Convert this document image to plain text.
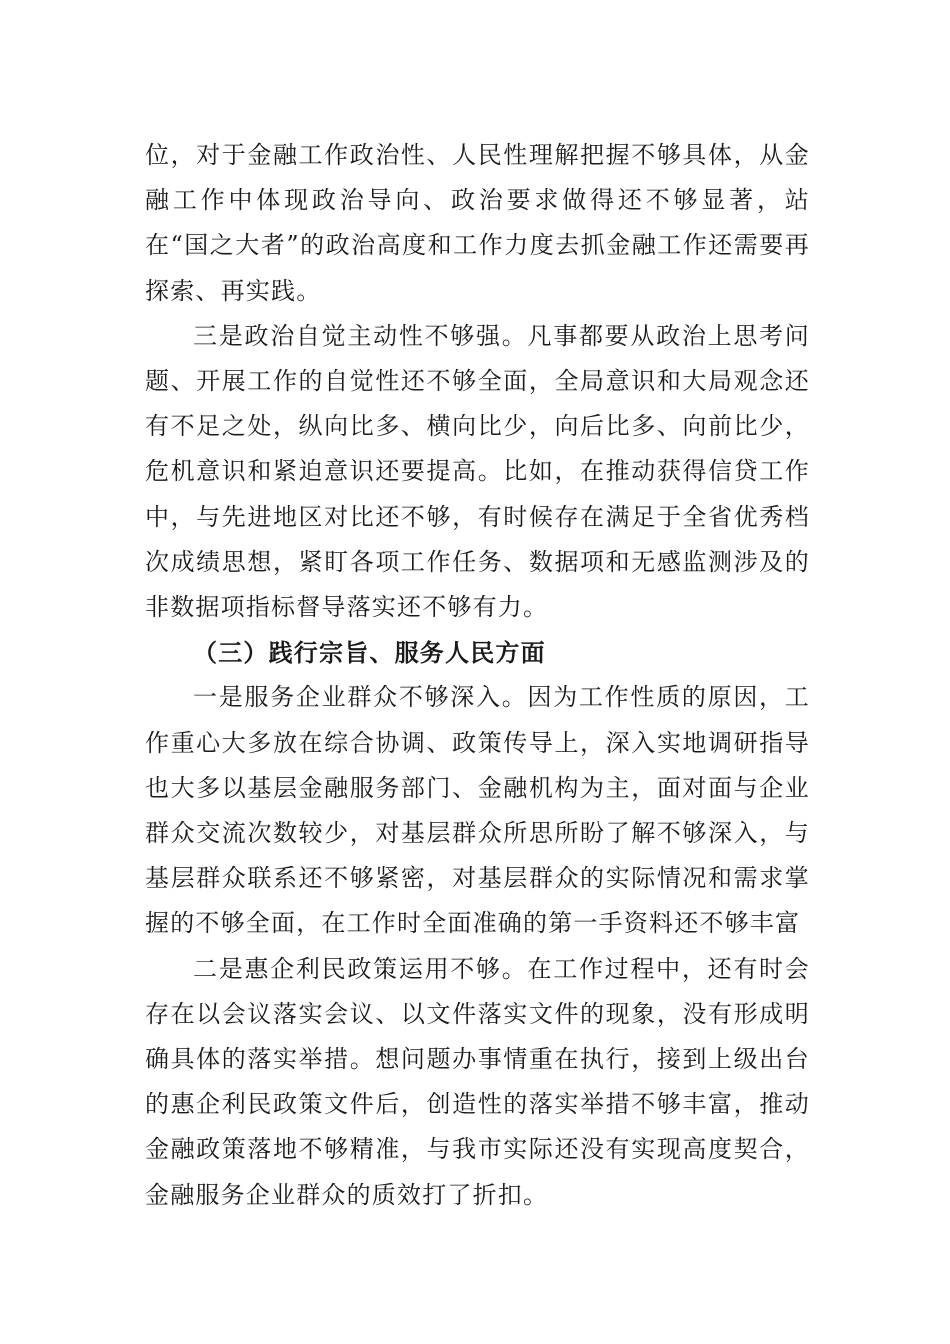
位，对于金融工作政治性、人民性理解把握不够具体，从金融工作中体现政治导向、政治要求做得还不够显著，站在“国之大者”的政治高度和工作力度去抓金融工作还需要再探索、再实践。

三是政治自觉主动性不够强。凡事都要从政治上思考问题、开展工作的自觉性还不够全面，全局意识和大局观念还有不足之处，纵向比多、横向比少，向后比多、向前比少，危机意识和紧迫意识还要提高。比如，在推动获得信贷工作中，与先进地区对比还不够，有时候存在满足于全省优秀档次成绩思想，紧盯各项工作任务、数据项和无感监测涉及的非数据项指标督导落实还不够有力。

（三）践行宗旨、服务人民方面

一是服务企业群众不够深入。因为工作性质的原因，工作重心大多放在综合协调、政策传导上，深入实地调研指导也大多以基层金融服务部门、金融机构为主，面对面与企业群众交流次数较少，对基层群众所思所盼了解不够深入，与基层群众联系还不够紧密，对基层群众的实际情况和需求掌握的不够全面，在工作时全面准确的第一手资料还不够丰富

二是惠企利民政策运用不够。在工作过程中，还有时会存在以会议落实会议、以文件落实文件的现象，没有形成明确具体的落实举措。想问题办事情重在执行，接到上级出台的惠企利民政策文件后，创造性的落实举措不够丰富，推动金融政策落地不够精准，与我市实际还没有实现高度契合，金融服务企业群众的质效打了折扣。
